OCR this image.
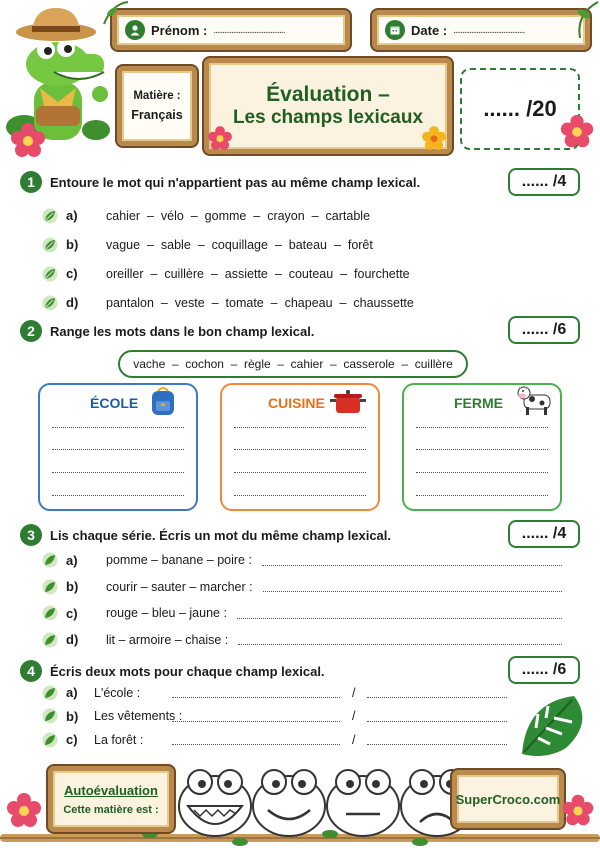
Prénom : ........................................	Date : ........................................
Matière :
Français
Évaluation –
Les champs lexicaux	...... /20
1	Entoure le mot qui n'appartient pas au même champ lexical.	...... /4
a)	cahier  –  vélo  –  gomme  –  crayon  –  cartable
b)	vague  –  sable  –  coquillage  –  bateau  –  forêt
c)	oreiller  –  cuillère  –  assiette  –  couteau  –  fourchette
d)	pantalon  –  veste  –  tomate  –  chapeau  –  chaussette
2	Range les mots dans le bon champ lexical.	...... /6
vache  –  cochon  –  règle  –  cahier  –  casserole  –  cuillère
ÉCOLE	CUISINE	FERME
3	Lis chaque série. Écris un mot du même champ lexical.	...... /4
a)	pomme – banane – poire :
b)	courir – sauter – marcher :
c)	rouge – bleu – jaune :
d)	lit – armoire – chaise :
4	Écris deux mots pour chaque champ lexical.	...... /6
a)	L'école :	/
b)	Les vêtements :	/
c)	La forêt :	/
Autoévaluation
Cette matière est :
SuperCroco.com
